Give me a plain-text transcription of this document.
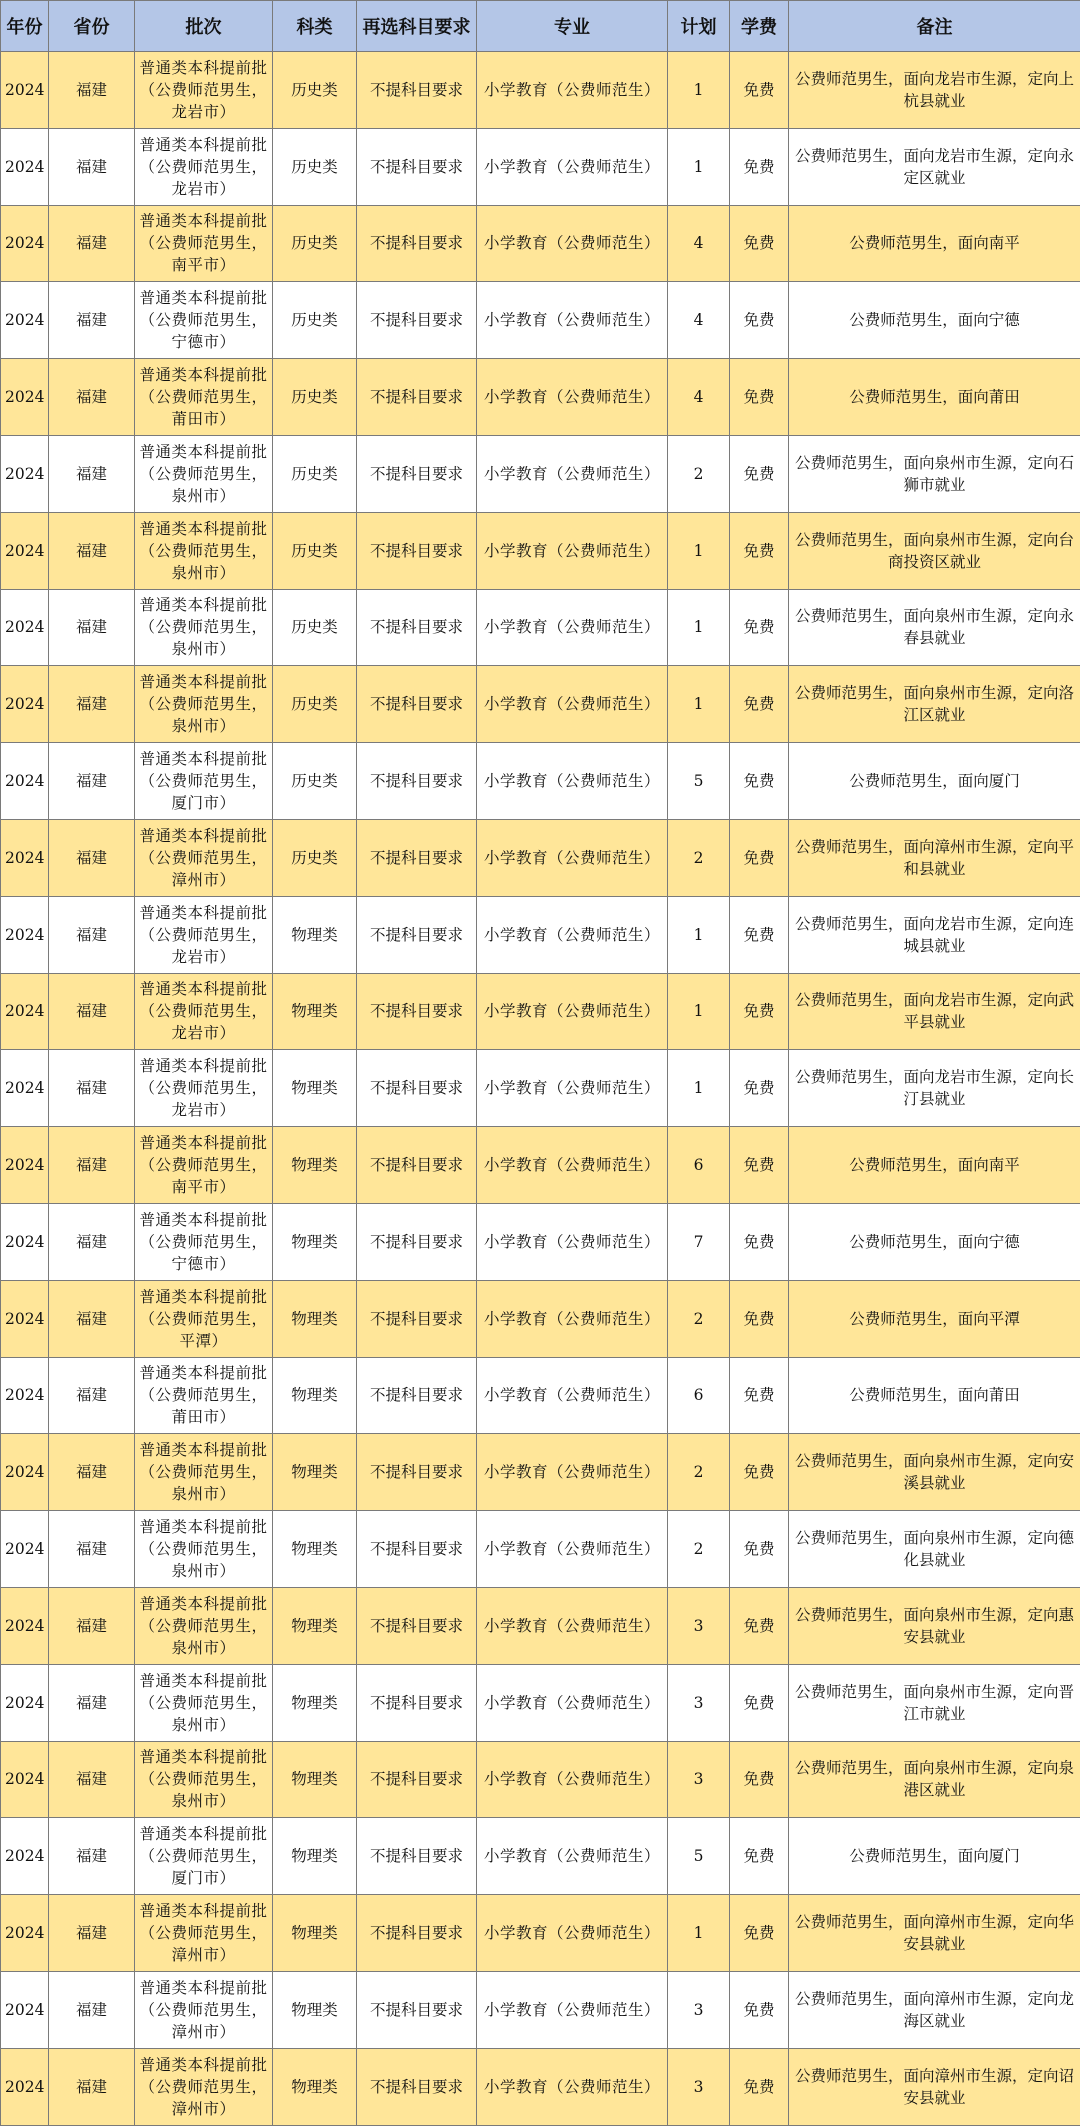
年份	省份	批次	科类	再选科目要求	专业	计划	学费	备注
2024	福建	普通类本科提前批（公费师范男生，龙岩市）	历史类	不提科目要求	小学教育（公费师范生）	1	免费	公费师范男生，面向龙岩市生源，定向上杭县就业
2024	福建	普通类本科提前批（公费师范男生，龙岩市）	历史类	不提科目要求	小学教育（公费师范生）	1	免费	公费师范男生，面向龙岩市生源，定向永定区就业
2024	福建	普通类本科提前批（公费师范男生，南平市）	历史类	不提科目要求	小学教育（公费师范生）	4	免费	公费师范男生，面向南平
2024	福建	普通类本科提前批（公费师范男生，宁德市）	历史类	不提科目要求	小学教育（公费师范生）	4	免费	公费师范男生，面向宁德
2024	福建	普通类本科提前批（公费师范男生，莆田市）	历史类	不提科目要求	小学教育（公费师范生）	4	免费	公费师范男生，面向莆田
2024	福建	普通类本科提前批（公费师范男生，泉州市）	历史类	不提科目要求	小学教育（公费师范生）	2	免费	公费师范男生，面向泉州市生源，定向石狮市就业
2024	福建	普通类本科提前批（公费师范男生，泉州市）	历史类	不提科目要求	小学教育（公费师范生）	1	免费	公费师范男生，面向泉州市生源，定向台商投资区就业
2024	福建	普通类本科提前批（公费师范男生，泉州市）	历史类	不提科目要求	小学教育（公费师范生）	1	免费	公费师范男生，面向泉州市生源，定向永春县就业
2024	福建	普通类本科提前批（公费师范男生，泉州市）	历史类	不提科目要求	小学教育（公费师范生）	1	免费	公费师范男生，面向泉州市生源，定向洛江区就业
2024	福建	普通类本科提前批（公费师范男生，厦门市）	历史类	不提科目要求	小学教育（公费师范生）	5	免费	公费师范男生，面向厦门
2024	福建	普通类本科提前批（公费师范男生，漳州市）	历史类	不提科目要求	小学教育（公费师范生）	2	免费	公费师范男生，面向漳州市生源，定向平和县就业
2024	福建	普通类本科提前批（公费师范男生，龙岩市）	物理类	不提科目要求	小学教育（公费师范生）	1	免费	公费师范男生，面向龙岩市生源，定向连城县就业
2024	福建	普通类本科提前批（公费师范男生，龙岩市）	物理类	不提科目要求	小学教育（公费师范生）	1	免费	公费师范男生，面向龙岩市生源，定向武平县就业
2024	福建	普通类本科提前批（公费师范男生，龙岩市）	物理类	不提科目要求	小学教育（公费师范生）	1	免费	公费师范男生，面向龙岩市生源，定向长汀县就业
2024	福建	普通类本科提前批（公费师范男生，南平市）	物理类	不提科目要求	小学教育（公费师范生）	6	免费	公费师范男生，面向南平
2024	福建	普通类本科提前批（公费师范男生，宁德市）	物理类	不提科目要求	小学教育（公费师范生）	7	免费	公费师范男生，面向宁德
2024	福建	普通类本科提前批（公费师范男生，平潭）	物理类	不提科目要求	小学教育（公费师范生）	2	免费	公费师范男生，面向平潭
2024	福建	普通类本科提前批（公费师范男生，莆田市）	物理类	不提科目要求	小学教育（公费师范生）	6	免费	公费师范男生，面向莆田
2024	福建	普通类本科提前批（公费师范男生，泉州市）	物理类	不提科目要求	小学教育（公费师范生）	2	免费	公费师范男生，面向泉州市生源，定向安溪县就业
2024	福建	普通类本科提前批（公费师范男生，泉州市）	物理类	不提科目要求	小学教育（公费师范生）	2	免费	公费师范男生，面向泉州市生源，定向德化县就业
2024	福建	普通类本科提前批（公费师范男生，泉州市）	物理类	不提科目要求	小学教育（公费师范生）	3	免费	公费师范男生，面向泉州市生源，定向惠安县就业
2024	福建	普通类本科提前批（公费师范男生，泉州市）	物理类	不提科目要求	小学教育（公费师范生）	3	免费	公费师范男生，面向泉州市生源，定向晋江市就业
2024	福建	普通类本科提前批（公费师范男生，泉州市）	物理类	不提科目要求	小学教育（公费师范生）	3	免费	公费师范男生，面向泉州市生源，定向泉港区就业
2024	福建	普通类本科提前批（公费师范男生，厦门市）	物理类	不提科目要求	小学教育（公费师范生）	5	免费	公费师范男生，面向厦门
2024	福建	普通类本科提前批（公费师范男生，漳州市）	物理类	不提科目要求	小学教育（公费师范生）	1	免费	公费师范男生，面向漳州市生源，定向华安县就业
2024	福建	普通类本科提前批（公费师范男生，漳州市）	物理类	不提科目要求	小学教育（公费师范生）	3	免费	公费师范男生，面向漳州市生源，定向龙海区就业
2024	福建	普通类本科提前批（公费师范男生，漳州市）	物理类	不提科目要求	小学教育（公费师范生）	3	免费	公费师范男生，面向漳州市生源，定向诏安县就业
